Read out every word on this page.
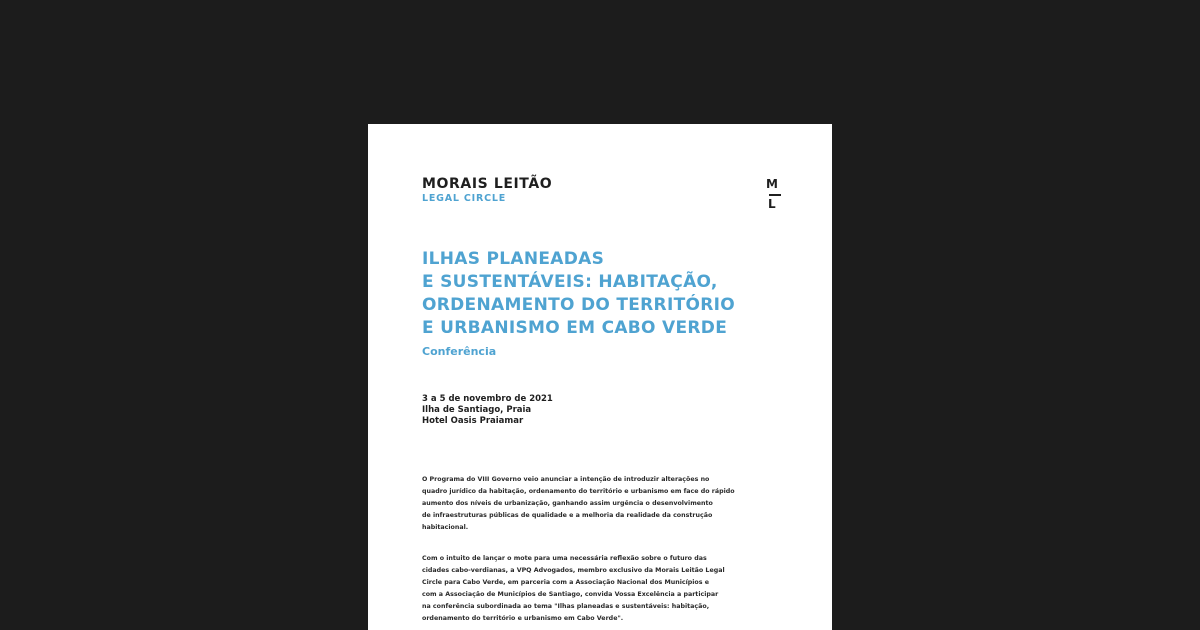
MORAIS LEITÃO
LEGAL CIRCLE
M
L
ILHAS PLANEADAS
E SUSTENTÁVEIS: HABITAÇÃO,
ORDENAMENTO DO TERRITÓRIO
E URBANISMO EM CABO VERDE
Conferência
3 a 5 de novembro de 2021
Ilha de Santiago, Praia
Hotel Oasis Praiamar
O Programa do VIII Governo veio anunciar a intenção de introduzir alterações no
quadro jurídico da habitação, ordenamento do território e urbanismo em face do rápido
aumento dos níveis de urbanização, ganhando assim urgência o desenvolvimento
de infraestruturas públicas de qualidade e a melhoria da realidade da construção
habitacional.
Com o intuito de lançar o mote para uma necessária reflexão sobre o futuro das
cidades cabo-verdianas, a VPQ Advogados, membro exclusivo da Morais Leitão Legal
Circle para Cabo Verde, em parceria com a Associação Nacional dos Municípios e
com a Associação de Municípios de Santiago, convida Vossa Excelência a participar
na conferência subordinada ao tema "Ilhas planeadas e sustentáveis: habitação,
ordenamento do território e urbanismo em Cabo Verde".
